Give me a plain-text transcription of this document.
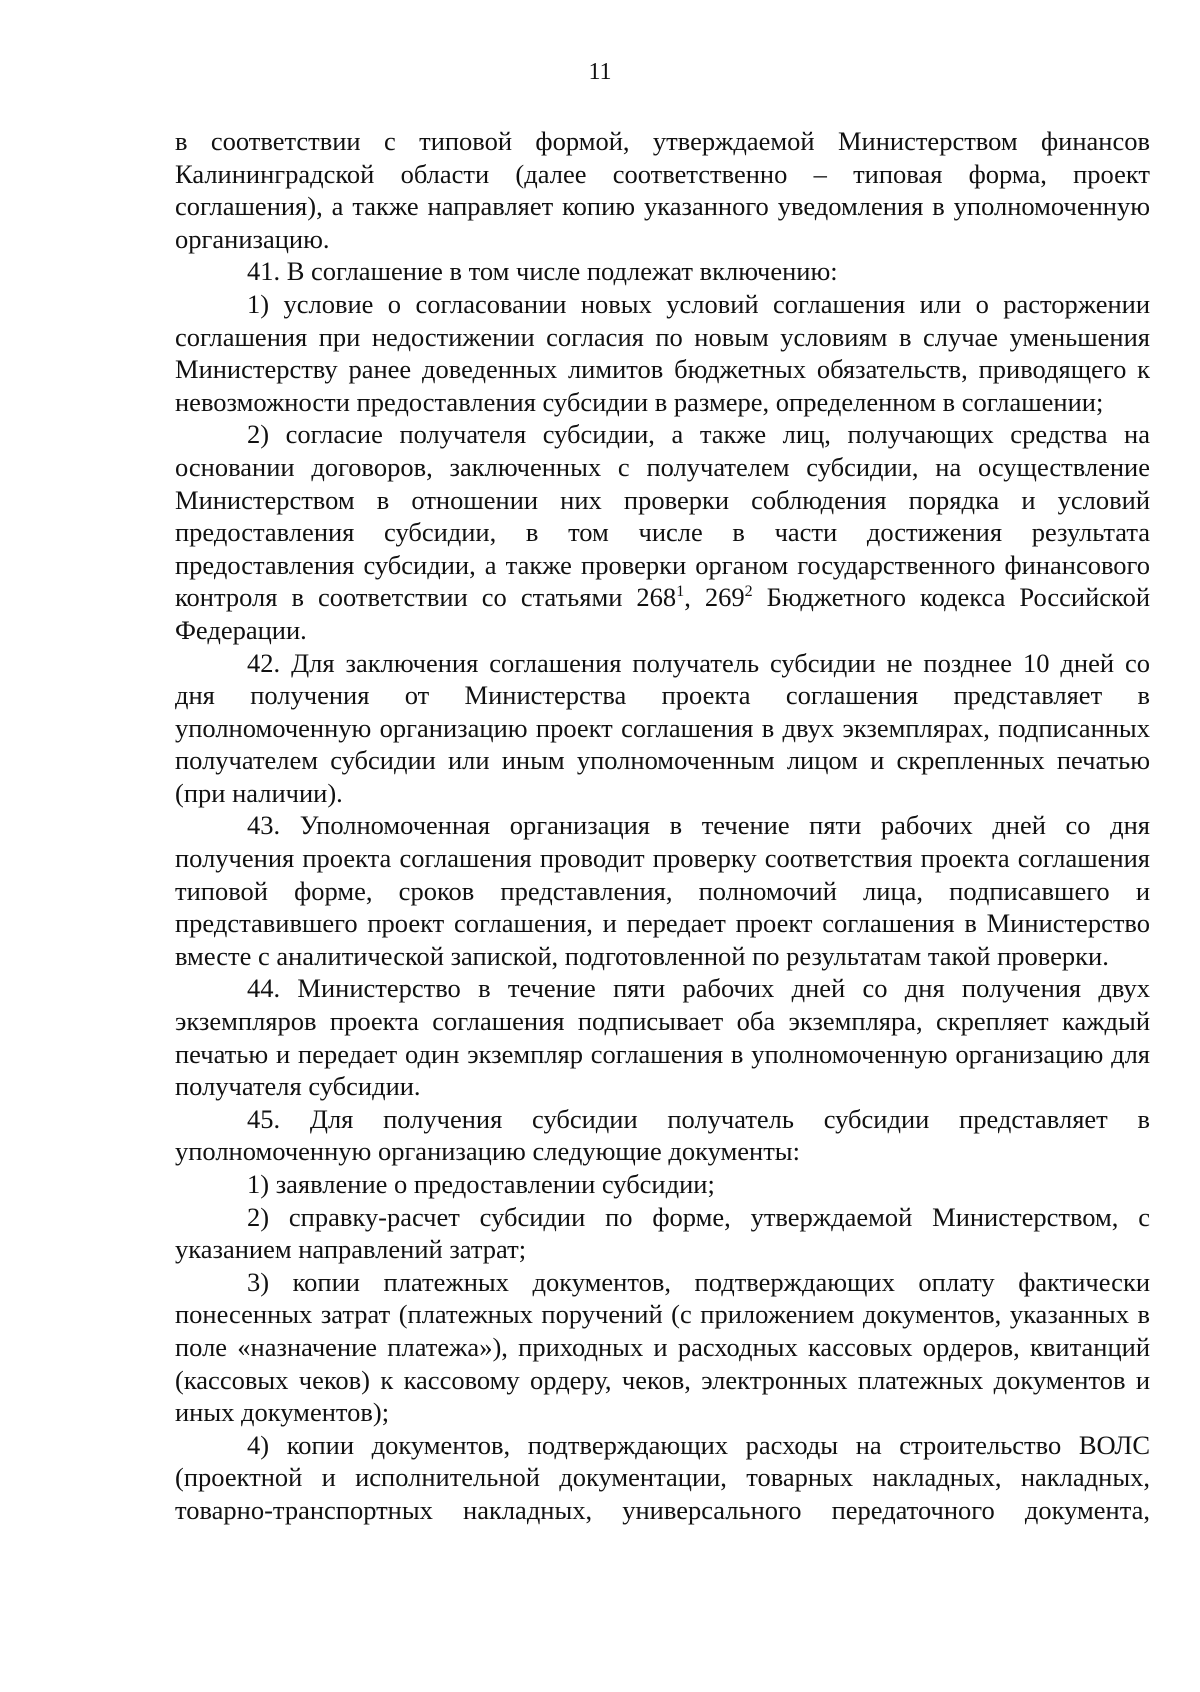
11

в соответствии с типовой формой, утверждаемой Министерством финансов Калининградской области (далее соответственно – типовая форма, проект соглашения), а также направляет копию указанного уведомления в уполномоченную организацию.

41. В соглашение в том числе подлежат включению:

1) условие о согласовании новых условий соглашения или о расторжении соглашения при недостижении согласия по новым условиям в случае уменьшения Министерству ранее доведенных лимитов бюджетных обязательств, приводящего к невозможности предоставления субсидии в размере, определенном в соглашении;

2) согласие получателя субсидии, а также лиц, получающих средства на основании договоров, заключенных с получателем субсидии, на осуществление Министерством в отношении них проверки соблюдения порядка и условий предоставления субсидии, в том числе в части достижения результата предоставления субсидии, а также проверки органом государственного финансового контроля в соответствии со статьями $268^1$, $269^2$ Бюджетного кодекса Российской Федерации.

42. Для заключения соглашения получатель субсидии не позднее 10 дней со дня получения от Министерства проекта соглашения представляет в уполномоченную организацию проект соглашения в двух экземплярах, подписанных получателем субсидии или иным уполномоченным лицом и скрепленных печатью (при наличии).

43. Уполномоченная организация в течение пяти рабочих дней со дня получения проекта соглашения проводит проверку соответствия проекта соглашения типовой форме, сроков представления, полномочий лица, подписавшего и представившего проект соглашения, и передает проект соглашения в Министерство вместе с аналитической запиской, подготовленной по результатам такой проверки.

44. Министерство в течение пяти рабочих дней со дня получения двух экземпляров проекта соглашения подписывает оба экземпляра, скрепляет каждый печатью и передает один экземпляр соглашения в уполномоченную организацию для получателя субсидии.

45. Для получения субсидии получатель субсидии представляет в уполномоченную организацию следующие документы:

1) заявление о предоставлении субсидии;

2) справку-расчет субсидии по форме, утверждаемой Министерством, с указанием направлений затрат;

3) копии платежных документов, подтверждающих оплату фактически понесенных затрат (платежных поручений (с приложением документов, указанных в поле «назначение платежа»), приходных и расходных кассовых ордеров, квитанций (кассовых чеков) к кассовому ордеру, чеков, электронных платежных документов и иных документов);

4) копии документов, подтверждающих расходы на строительство ВОЛС (проектной и исполнительной документации, товарных накладных, накладных, товарно-транспортных накладных, универсального передаточного документа,
